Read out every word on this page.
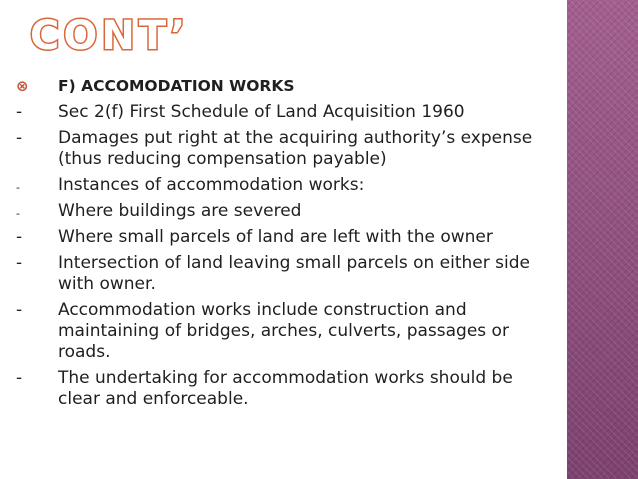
CONT’
⊗	F) ACCOMODATION WORKS
-	Sec 2(f) First Schedule of Land Acquisition 1960
-	Damages put right at the acquiring authority’s expense (thus reducing compensation payable)
-	Instances of accommodation works:
-	Where buildings are severed
-	Where small parcels of land are left with the owner
-	Intersection of land leaving small parcels on either side with owner.
-	Accommodation works include construction and maintaining of bridges, arches, culverts, passages or roads.
-	The undertaking for accommodation works should be clear and enforceable.
